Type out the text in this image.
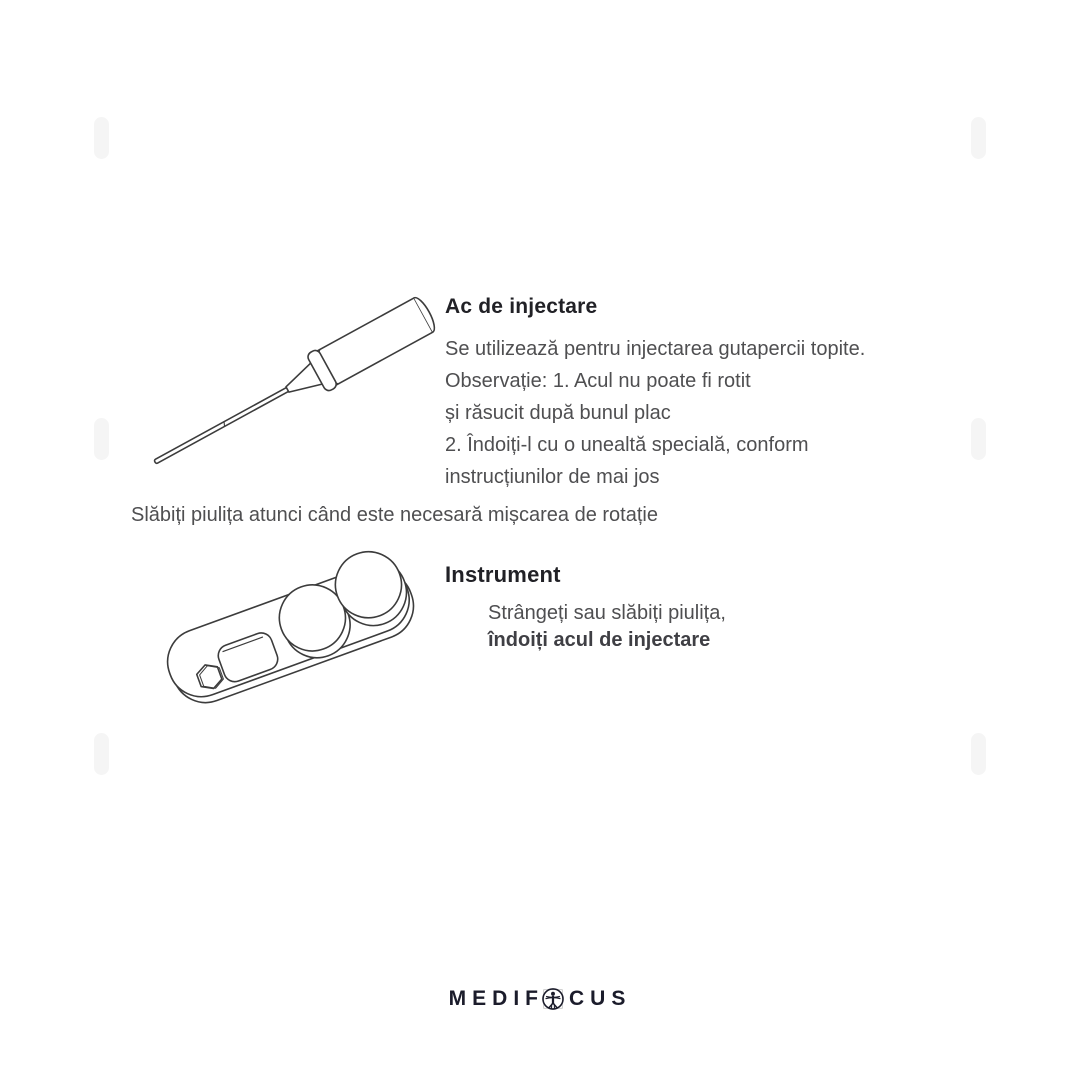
Ac de injectare
Se utilizează pentru injectarea gutapercii topite.
Observație: 1. Acul nu poate fi rotit
și răsucit după bunul plac
2. Îndoiți-l cu o unealtă specială, conform
instrucțiunilor de mai jos
Slăbiți piulița atunci când este necesară mișcarea de rotație
Instrument
Strângeți sau slăbiți piulița,
îndoiți acul de injectare
MEDIF CUS
